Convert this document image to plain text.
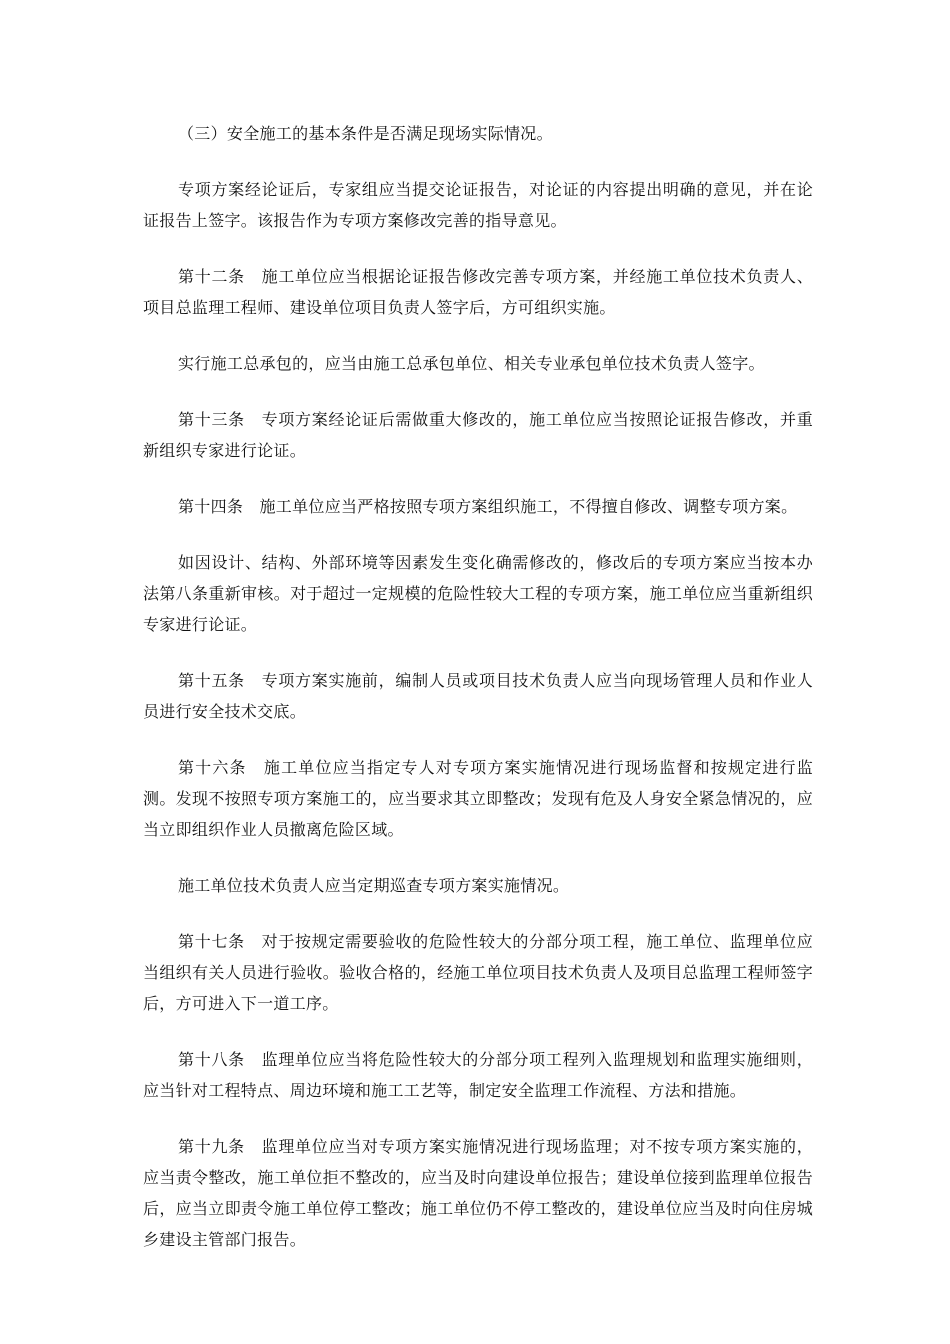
（三）安全施工的基本条件是否满足现场实际情况。

专项方案经论证后，专家组应当提交论证报告，对论证的内容提出明确的意见，并在论证报告上签字。该报告作为专项方案修改完善的指导意见。

第十二条　施工单位应当根据论证报告修改完善专项方案，并经施工单位技术负责人、项目总监理工程师、建设单位项目负责人签字后，方可组织实施。

实行施工总承包的，应当由施工总承包单位、相关专业承包单位技术负责人签字。

第十三条　专项方案经论证后需做重大修改的，施工单位应当按照论证报告修改，并重新组织专家进行论证。

第十四条　施工单位应当严格按照专项方案组织施工，不得擅自修改、调整专项方案。

如因设计、结构、外部环境等因素发生变化确需修改的，修改后的专项方案应当按本办法第八条重新审核。对于超过一定规模的危险性较大工程的专项方案，施工单位应当重新组织专家进行论证。

第十五条　专项方案实施前，编制人员或项目技术负责人应当向现场管理人员和作业人员进行安全技术交底。

第十六条　施工单位应当指定专人对专项方案实施情况进行现场监督和按规定进行监测。发现不按照专项方案施工的，应当要求其立即整改；发现有危及人身安全紧急情况的，应当立即组织作业人员撤离危险区域。

施工单位技术负责人应当定期巡查专项方案实施情况。

第十七条　对于按规定需要验收的危险性较大的分部分项工程，施工单位、监理单位应当组织有关人员进行验收。验收合格的，经施工单位项目技术负责人及项目总监理工程师签字后，方可进入下一道工序。

第十八条　监理单位应当将危险性较大的分部分项工程列入监理规划和监理实施细则，应当针对工程特点、周边环境和施工工艺等，制定安全监理工作流程、方法和措施。

第十九条　监理单位应当对专项方案实施情况进行现场监理；对不按专项方案实施的，应当责令整改，施工单位拒不整改的，应当及时向建设单位报告；建设单位接到监理单位报告后，应当立即责令施工单位停工整改；施工单位仍不停工整改的，建设单位应当及时向住房城乡建设主管部门报告。
